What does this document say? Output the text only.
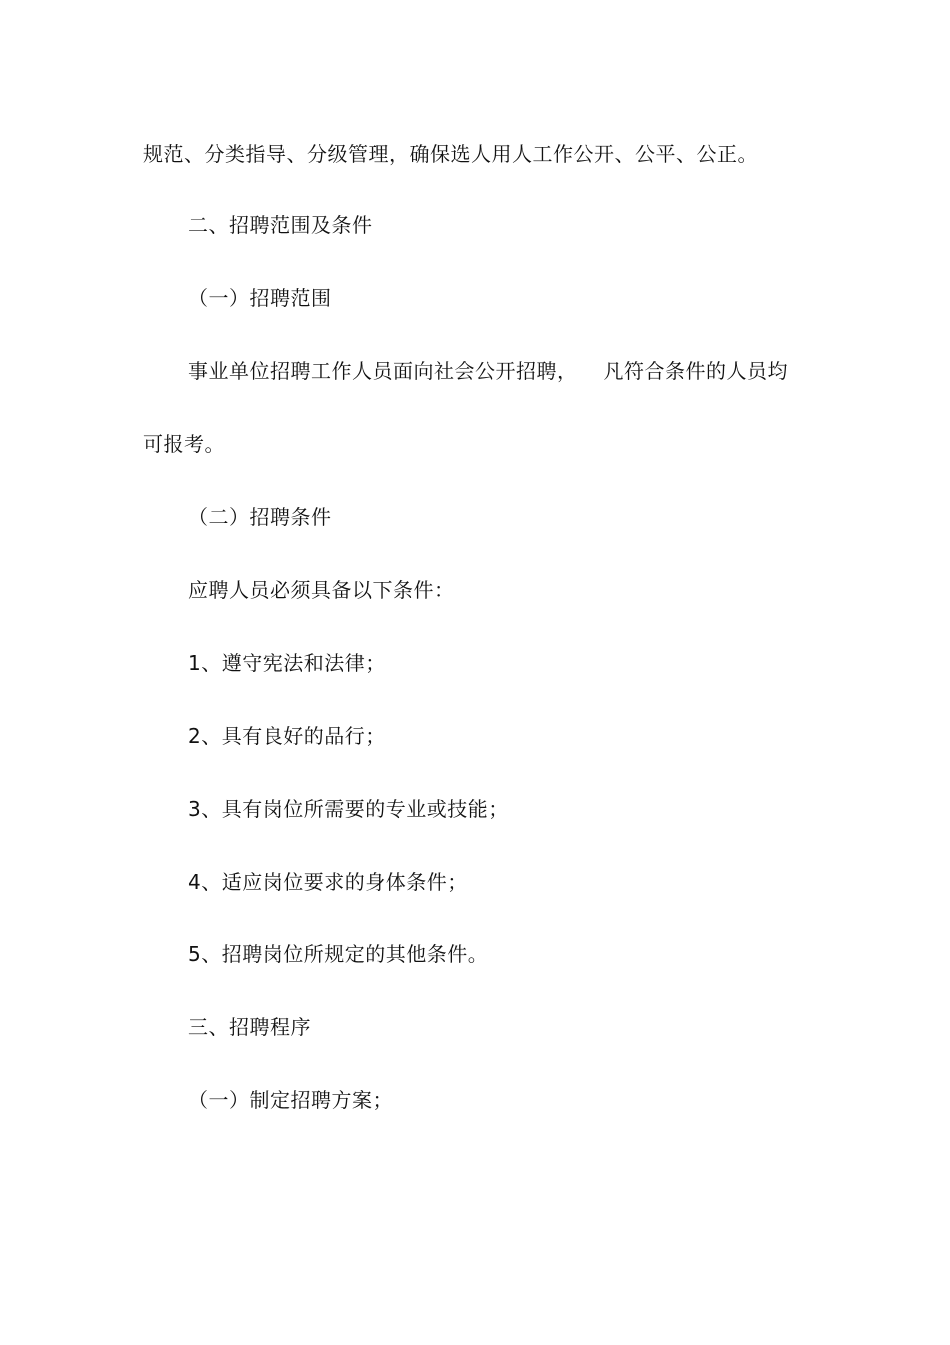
规范、分类指导、分级管理，确保选人用人工作公开、公平、公正。
二、招聘范围及条件
（一）招聘范围
事业单位招聘工作人员面向社会公开招聘， 凡符合条件的人员均
可报考。
（二）招聘条件
应聘人员必须具备以下条件：
1、遵守宪法和法律；
2、具有良好的品行；
3、具有岗位所需要的专业或技能；
4、适应岗位要求的身体条件；
5、招聘岗位所规定的其他条件。
三、招聘程序
（一）制定招聘方案；
